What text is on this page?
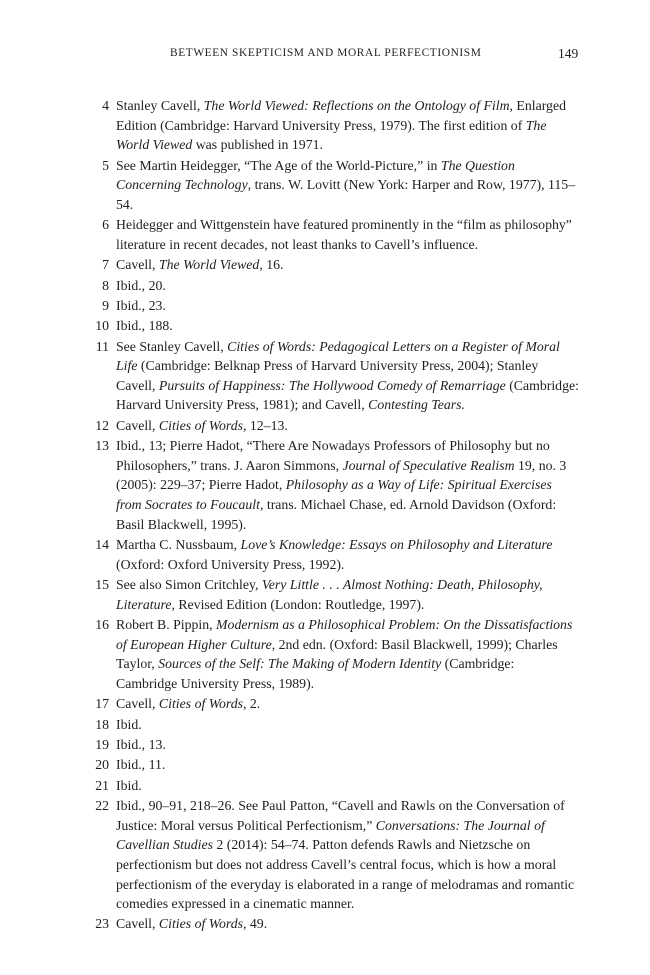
BETWEEN SKEPTICISM AND MORAL PERFECTIONISM	149
4 Stanley Cavell, The World Viewed: Reflections on the Ontology of Film, Enlarged Edition (Cambridge: Harvard University Press, 1979). The first edition of The World Viewed was published in 1971.
5 See Martin Heidegger, “The Age of the World-Picture,” in The Question Concerning Technology, trans. W. Lovitt (New York: Harper and Row, 1977), 115–54.
6 Heidegger and Wittgenstein have featured prominently in the “film as philosophy” literature in recent decades, not least thanks to Cavell’s influence.
7 Cavell, The World Viewed, 16.
8 Ibid., 20.
9 Ibid., 23.
10 Ibid., 188.
11 See Stanley Cavell, Cities of Words: Pedagogical Letters on a Register of Moral Life (Cambridge: Belknap Press of Harvard University Press, 2004); Stanley Cavell, Pursuits of Happiness: The Hollywood Comedy of Remarriage (Cambridge: Harvard University Press, 1981); and Cavell, Contesting Tears.
12 Cavell, Cities of Words, 12–13.
13 Ibid., 13; Pierre Hadot, “There Are Nowadays Professors of Philosophy but no Philosophers,” trans. J. Aaron Simmons, Journal of Speculative Realism 19, no. 3 (2005): 229–37; Pierre Hadot, Philosophy as a Way of Life: Spiritual Exercises from Socrates to Foucault, trans. Michael Chase, ed. Arnold Davidson (Oxford: Basil Blackwell, 1995).
14 Martha C. Nussbaum, Love’s Knowledge: Essays on Philosophy and Literature (Oxford: Oxford University Press, 1992).
15 See also Simon Critchley, Very Little . . . Almost Nothing: Death, Philosophy, Literature, Revised Edition (London: Routledge, 1997).
16 Robert B. Pippin, Modernism as a Philosophical Problem: On the Dissatisfactions of European Higher Culture, 2nd edn. (Oxford: Basil Blackwell, 1999); Charles Taylor, Sources of the Self: The Making of Modern Identity (Cambridge: Cambridge University Press, 1989).
17 Cavell, Cities of Words, 2.
18 Ibid.
19 Ibid., 13.
20 Ibid., 11.
21 Ibid.
22 Ibid., 90–91, 218–26. See Paul Patton, “Cavell and Rawls on the Conversation of Justice: Moral versus Political Perfectionism,” Conversations: The Journal of Cavellian Studies 2 (2014): 54–74. Patton defends Rawls and Nietzsche on perfectionism but does not address Cavell’s central focus, which is how a moral perfectionism of the everyday is elaborated in a range of melodramas and romantic comedies expressed in a cinematic manner.
23 Cavell, Cities of Words, 49.
